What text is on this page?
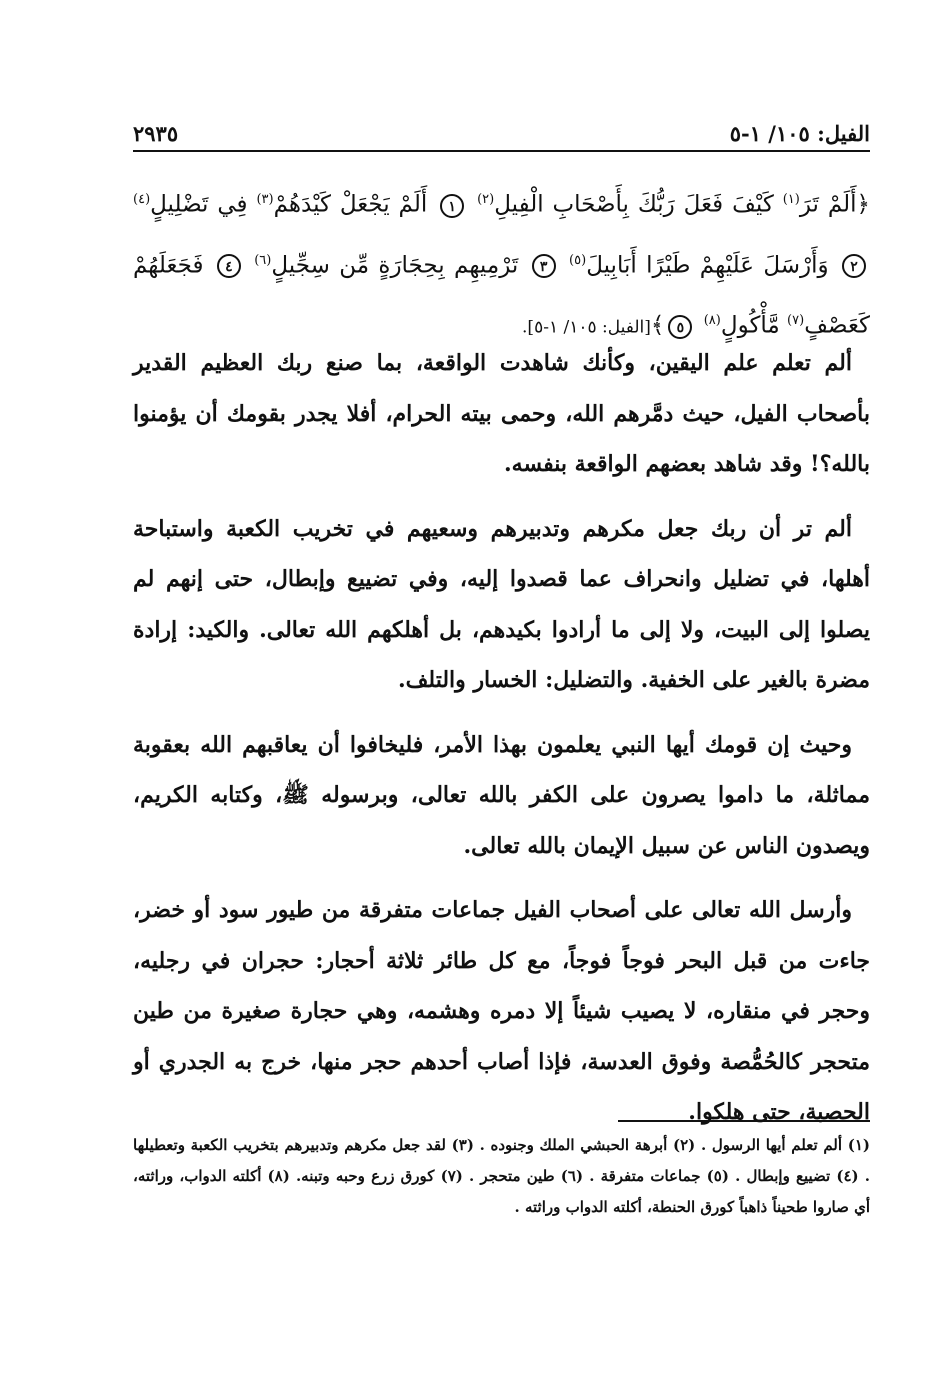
الفيل: ١٠٥/ ١-٥
٢٩٣٥
﴿أَلَمْ تَرَ$^{(١)}$ كَيْفَ فَعَلَ رَبُّكَ بِأَصْحَابِ الْفِيلِ$^{(٢)}$ ١ أَلَمْ يَجْعَلْ كَيْدَهُمْ$^{(٣)}$ فِي تَضْلِيلٍ$^{(٤)}$ ٢ وَأَرْسَلَ عَلَيْهِمْ طَيْرًا أَبَابِيلَ$^{(٥)}$ ٣ تَرْمِيهِم بِحِجَارَةٍ مِّن سِجِّيلٍ$^{(٦)}$ ٤ فَجَعَلَهُمْ كَعَصْفٍ$^{(٧)}$ مَّأْكُولٍ$^{(٨)}$ ٥﴾[الفيل: ١٠٥/ ١-٥].

ألم تعلم علم اليقين، وكأنك شاهدت الواقعة، بما صنع ربك العظيم القدير بأصحاب الفيل، حيث دمَّرهم الله، وحمى بيته الحرام، أفلا يجدر بقومك أن يؤمنوا بالله؟! وقد شاهد بعضهم الواقعة بنفسه.

ألم تر أن ربك جعل مكرهم وتدبيرهم وسعيهم في تخريب الكعبة واستباحة أهلها، في تضليل وانحراف عما قصدوا إليه، وفي تضييع وإبطال، حتى إنهم لم يصلوا إلى البيت، ولا إلى ما أرادوا بكيدهم، بل أهلكهم الله تعالى. والكيد: إرادة مضرة بالغير على الخفية. والتضليل: الخسار والتلف.

وحيث إن قومك أيها النبي يعلمون بهذا الأمر، فليخافوا أن يعاقبهم الله بعقوبة مماثلة، ما داموا يصرون على الكفر بالله تعالى، وبرسوله ﷺ، وكتابه الكريم، ويصدون الناس عن سبيل الإيمان بالله تعالى.

وأرسل الله تعالى على أصحاب الفيل جماعات متفرقة من طيور سود أو خضر، جاءت من قبل البحر فوجاً فوجاً، مع كل طائر ثلاثة أحجار: حجران في رجليه، وحجر في منقاره، لا يصيب شيئاً إلا دمره وهشمه، وهي حجارة صغيرة من طين متحجر كالحُمُّصة وفوق العدسة، فإذا أصاب أحدهم حجر منها، خرج به الجدري أو الحصبة، حتى هلكوا.

(١) ألم تعلم أيها الرسول . (٢) أبرهة الحبشي الملك وجنوده . (٣) لقد جعل مكرهم وتدبيرهم بتخريب الكعبة وتعطيلها . (٤) تضييع وإبطال . (٥) جماعات متفرقة . (٦) طين متحجر . (٧) كورق زرع وحبه وتبنه. (٨) أكلته الدواب، وراثته، أي صاروا طحيناً ذاهباً كورق الحنطة، أكلته الدواب وراثته .
